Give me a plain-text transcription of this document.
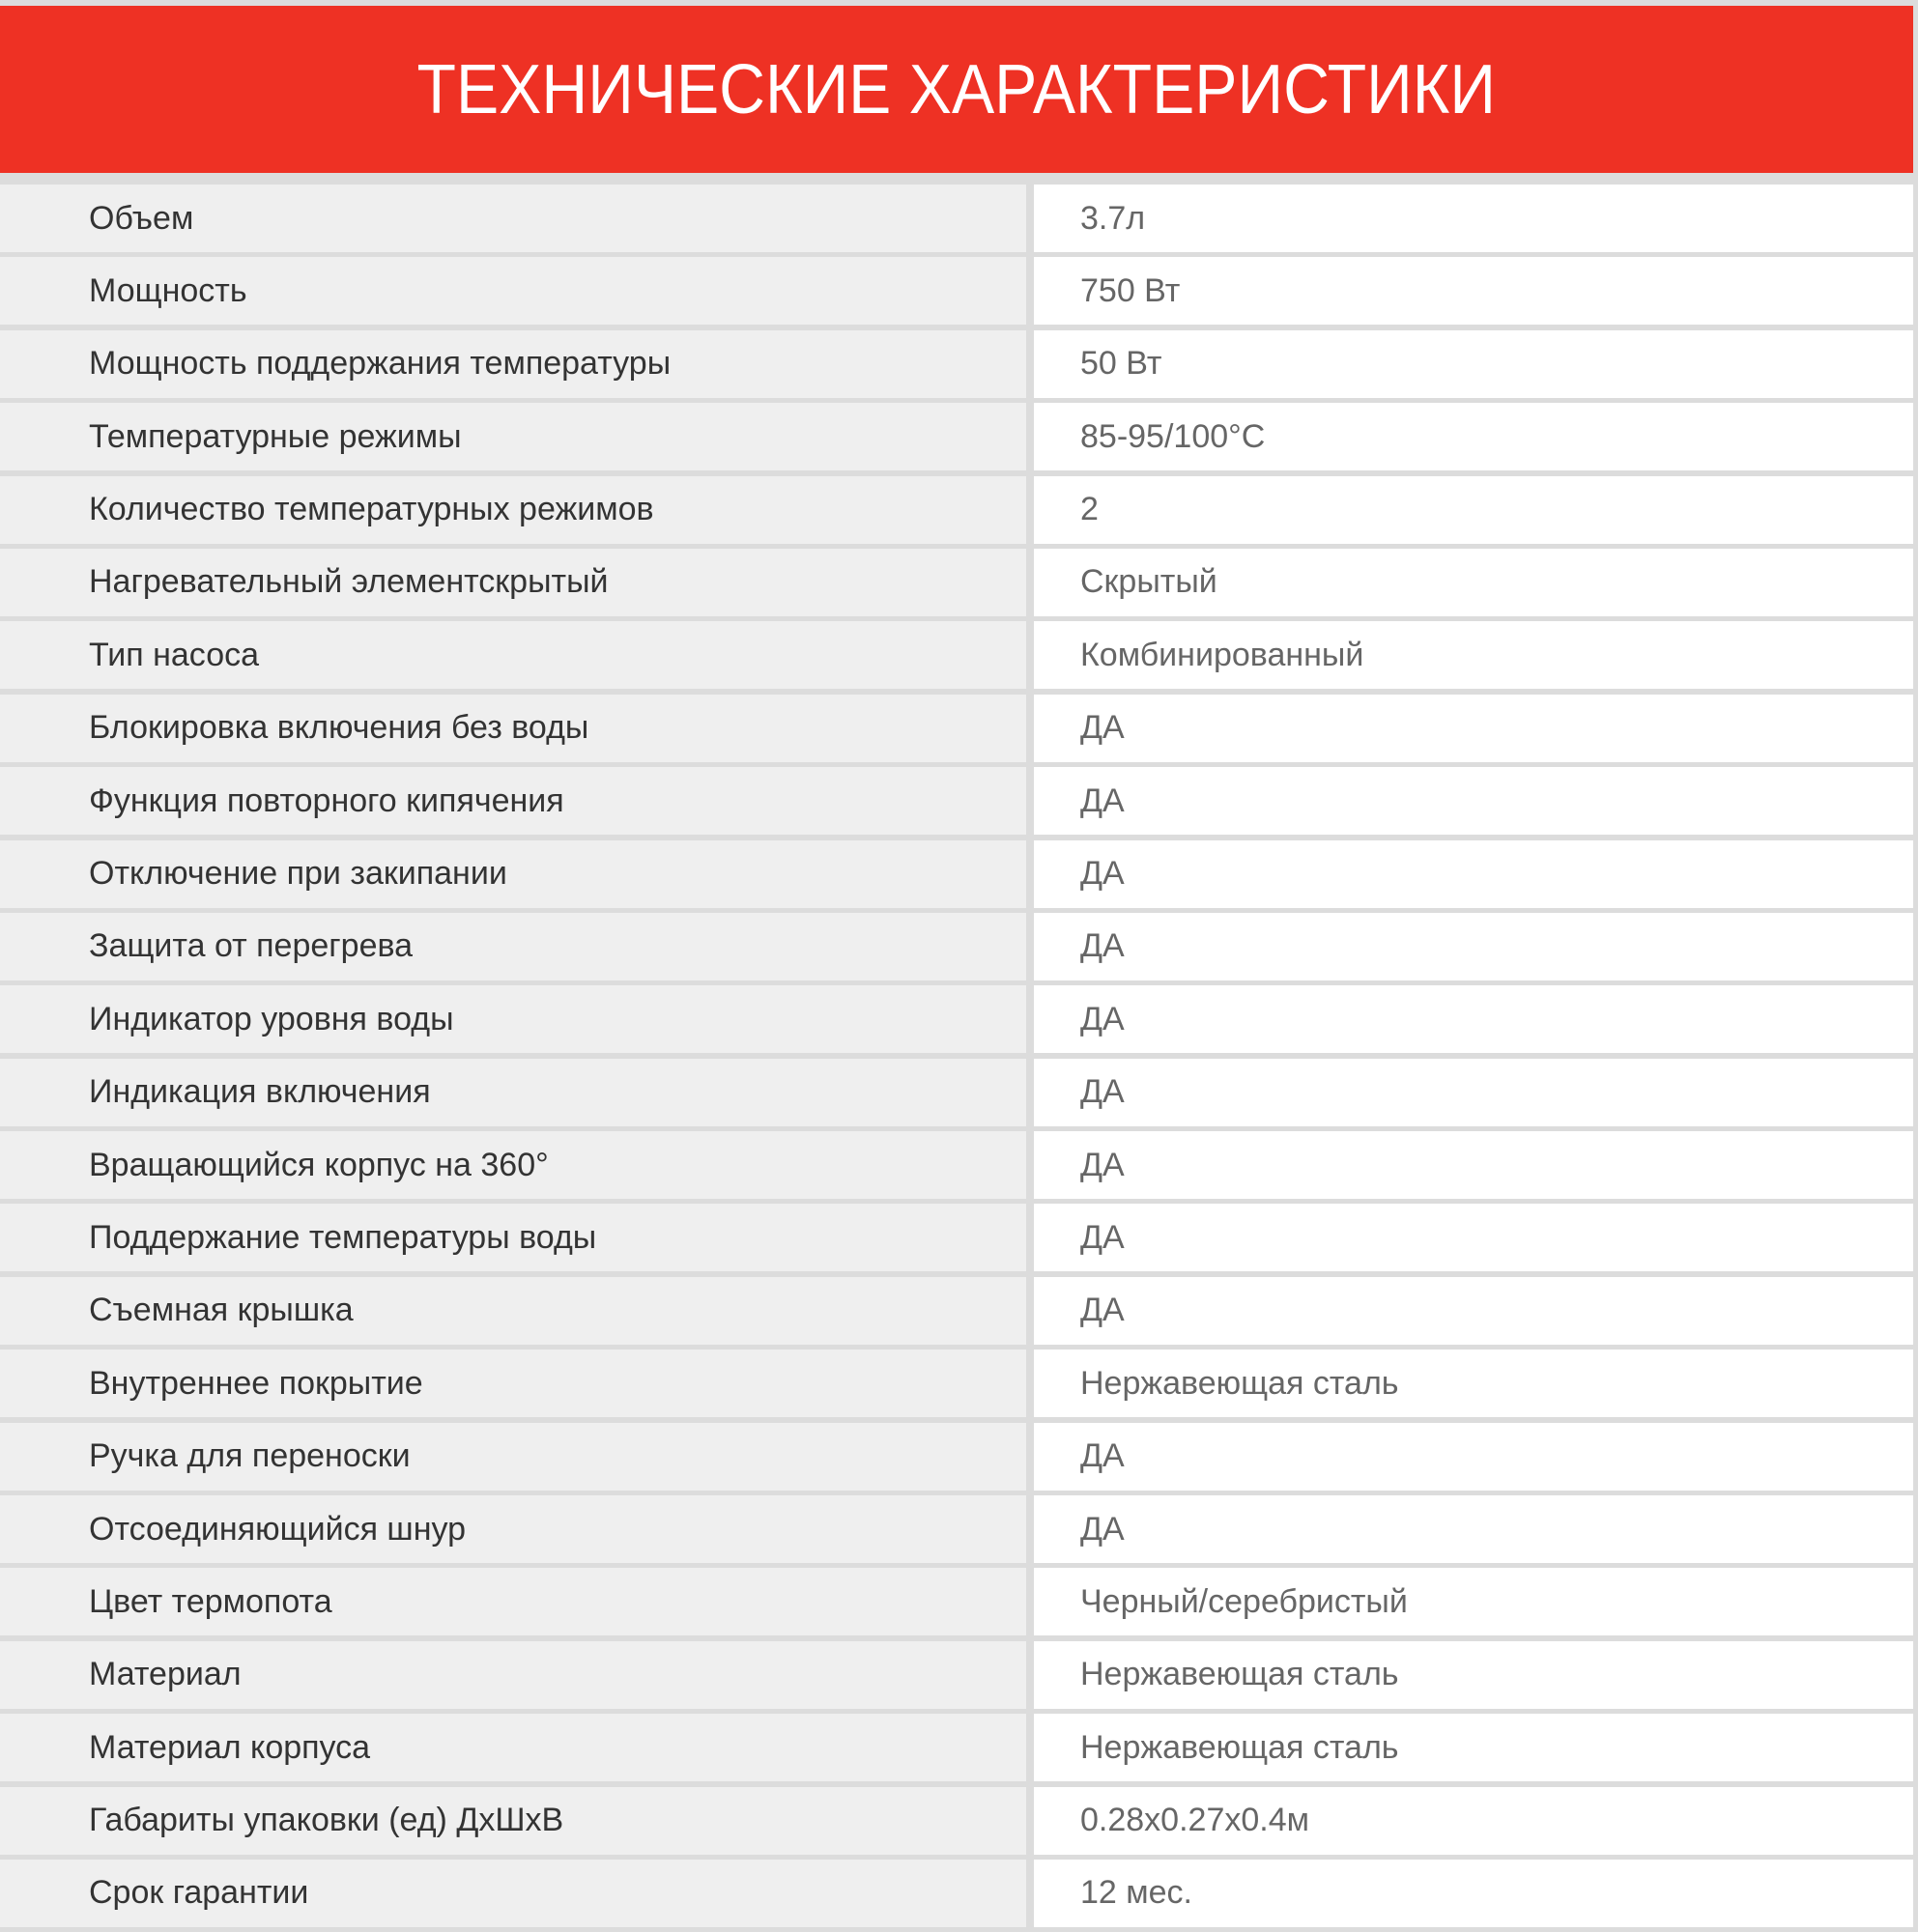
ТЕХНИЧЕСКИЕ ХАРАКТЕРИСТИКИ
Объем	3.7л
Мощность	750 Вт
Мощность поддержания температуры	50 Вт
Температурные режимы	85-95/100°C
Количество температурных режимов	2
Нагревательный элементскрытый	Скрытый
Тип насоса	Комбинированный
Блокировка включения без воды	ДА
Функция повторного кипячения	ДА
Отключение при закипании	ДА
Защита от перегрева	ДА
Индикатор уровня воды	ДА
Индикация включения	ДА
Вращающийся корпус на 360°	ДА
Поддержание температуры воды	ДА
Съемная крышка	ДА
Внутреннее покрытие	Нержавеющая сталь
Ручка для переноски	ДА
Отсоединяющийся шнур	ДА
Цвет термопота	Черный/серебристый
Материал	Нержавеющая сталь
Материал корпуса	Нержавеющая сталь
Габариты упаковки (ед) ДхШхВ	0.28x0.27x0.4м
Срок гарантии	12 мес.
